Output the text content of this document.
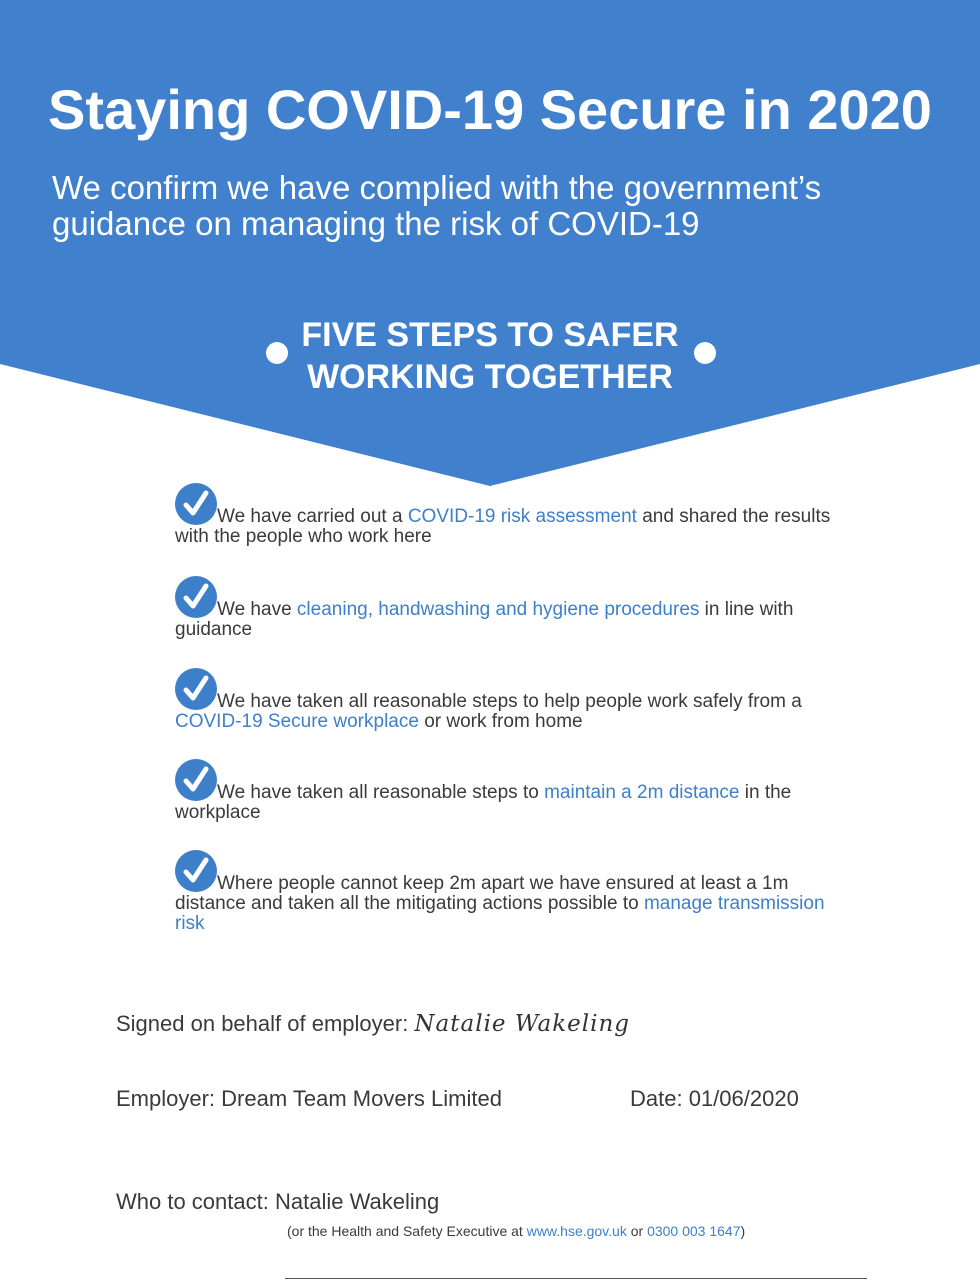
Staying COVID-19 Secure in 2020
We confirm we have complied with the government’s guidance on managing the risk of COVID-19
FIVE STEPS TO SAFER
WORKING TOGETHER
We have carried out a COVID-19 risk assessment and shared the results with the people who work here
We have cleaning, handwashing and hygiene procedures in line with guidance
We have taken all reasonable steps to help people work safely from a COVID-19 Secure workplace or work from home
We have taken all reasonable steps to maintain a 2m distance in the workplace
Where people cannot keep 2m apart we have ensured at least a 1m distance and taken all the mitigating actions possible to manage transmission risk
Signed on behalf of employer: Natalie Wakeling
Employer: Dream Team Movers Limited	Date: 01/06/2020
Who to contact: Natalie Wakeling
(or the Health and Safety Executive at www.hse.gov.uk or 0300 003 1647)
